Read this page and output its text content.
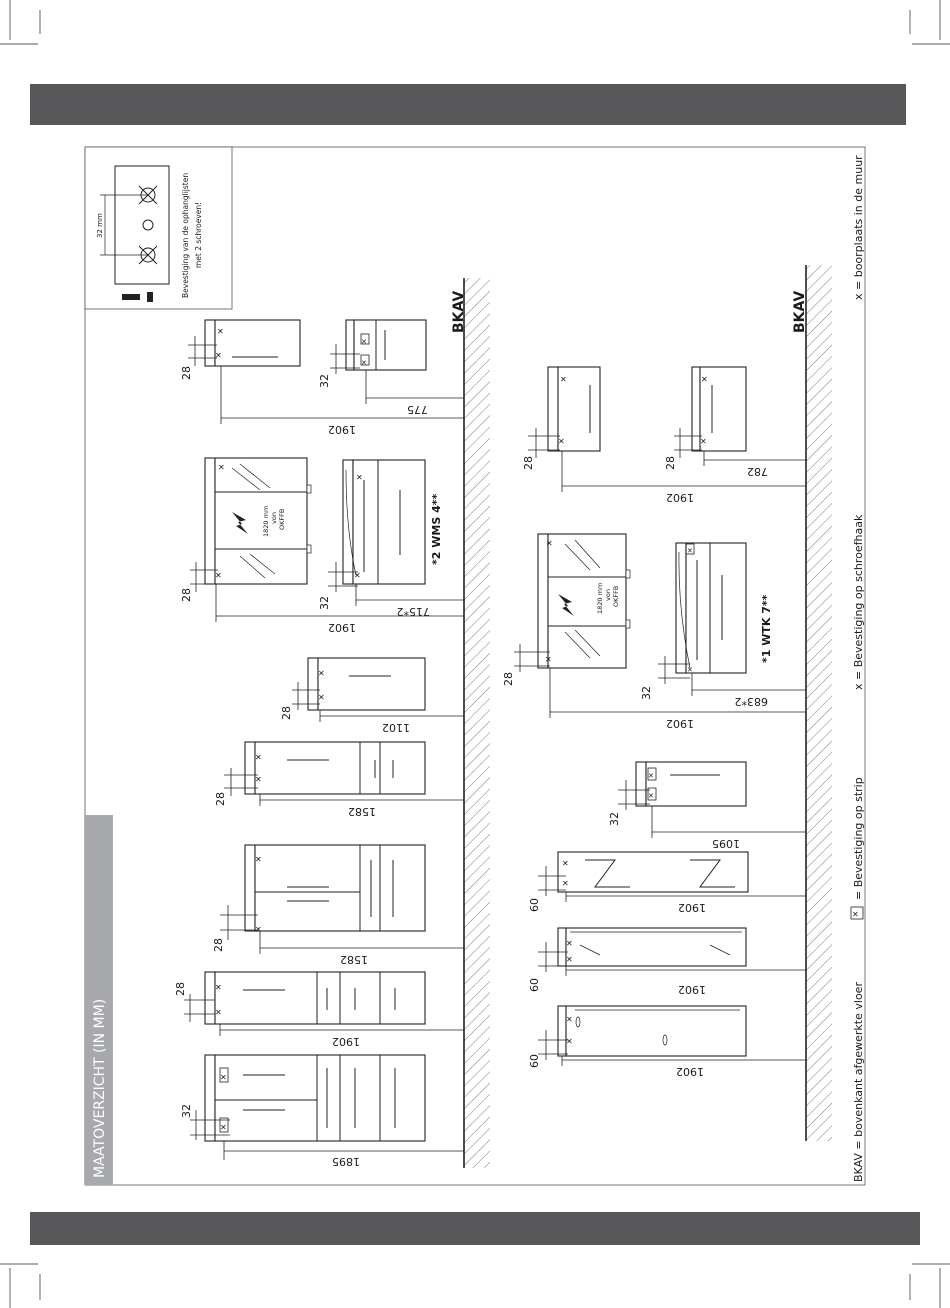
MAATOVERZICHT (IN MM)
32 mm	Bevestiging van de ophanglijsten met 2 schroeven!
BKAV	BKAV
✕
✕
1895
32
✕
✕
1902
28
✕
✕
1582
28
✕
✕
1582
28
✕
✕
1102
28
✕
✕
1820 mm von OKFFB
1902
28
✕
✕
*2 WMS 4**
715*2
32
✕
✕
1902
28
✕
✕
775
32
✕
✕
1902
60
✕
✕
1902
60
✕
✕
1902
60
✕
✕
1095
32
✕
✕
1820 mm von OKFFB
1902
28
✕
✕
*1 WTK 7**
683*2
32
✕
✕
1902
28
✕
✕
782
28
BKAV = bovenkant afgewerkte vloer
✕
= Bevestiging op strip
x = Bevestiging op schroefhaak
x = boorplaats in de muur
